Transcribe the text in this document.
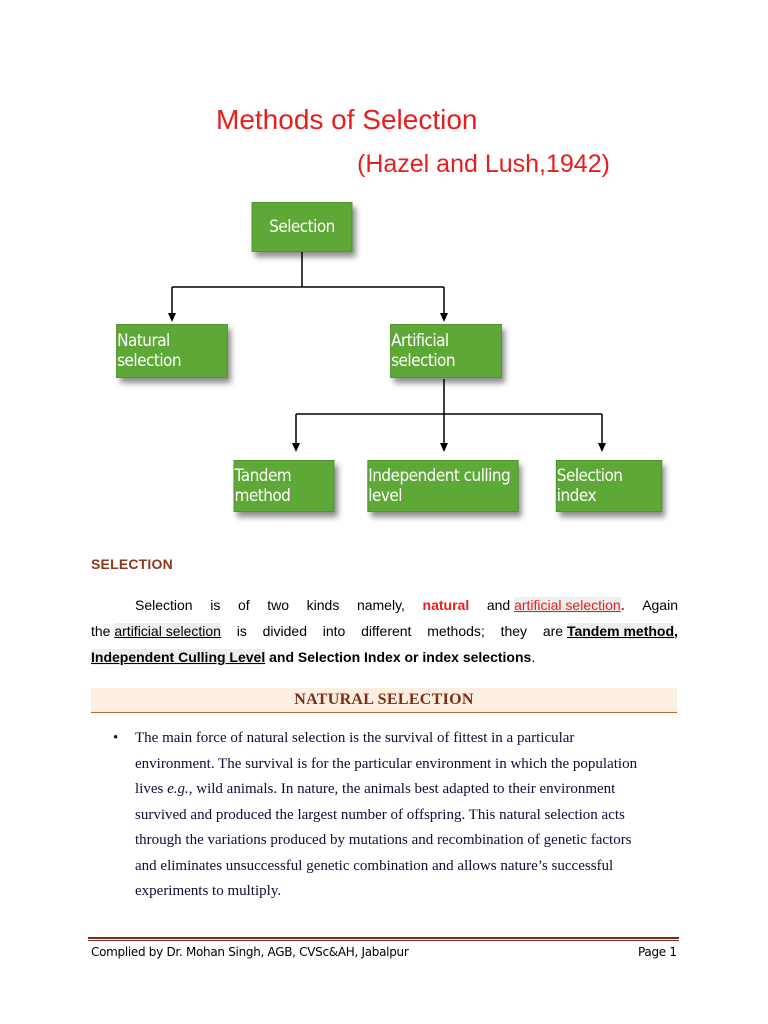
Methods of Selection
(Hazel and Lush,1942)
Selection
Natural selection
Artificial selection
Tandem method
Independent culling level
Selection index
SELECTION
Selection is of two kinds namely, natural and artificial selection. Again
the artificial selection is divided into different methods; they are Tandem method,
Independent Culling Level and Selection Index or index selections.
NATURAL SELECTION
• The main force of natural selection is the survival of fittest in a particular
environment. The survival is for the particular environment in which the population
lives e.g., wild animals. In nature, the animals best adapted to their environment
survived and produced the largest number of offspring. This natural selection acts
through the variations produced by mutations and recombination of genetic factors
and eliminates unsuccessful genetic combination and allows nature’s successful
experiments to multiply.
Complied by Dr. Mohan Singh, AGB, CVSc&AH, Jabalpur	Page 1
